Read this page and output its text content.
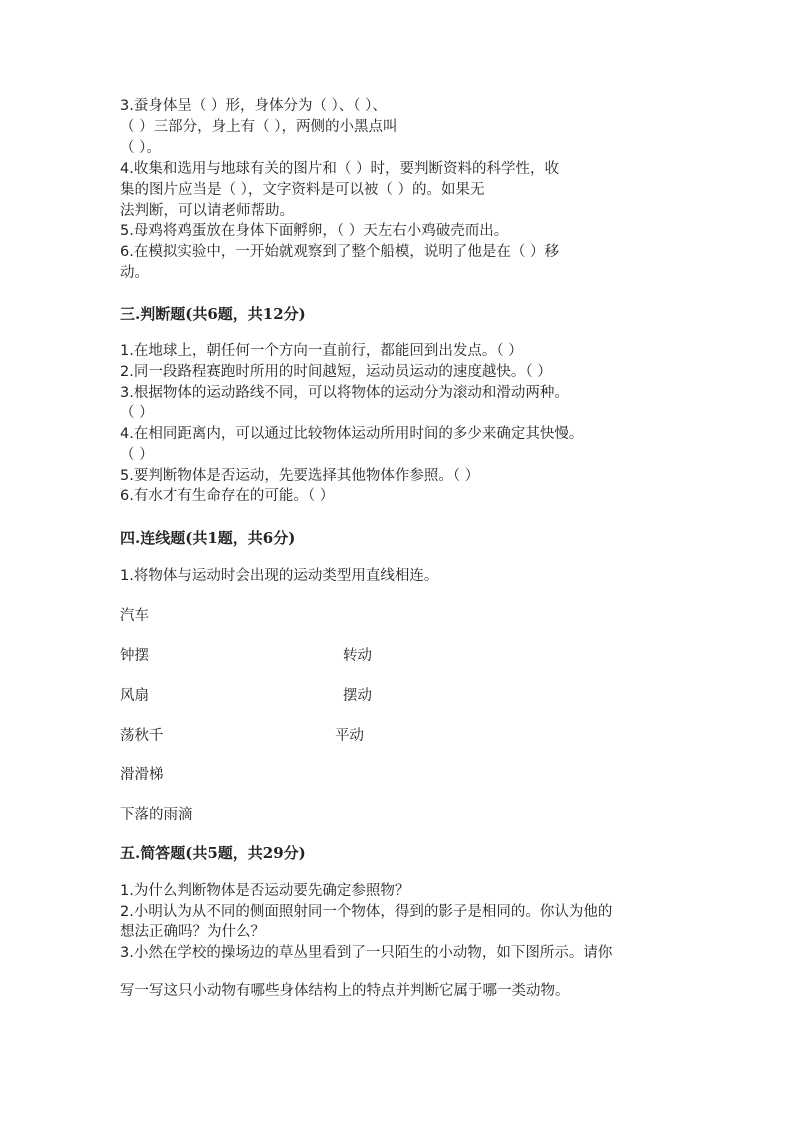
3.蚕身体呈（ ）形，身体分为（ ）、（ ）、
（ ）三部分，身上有（ ），两侧的小黑点叫
（ ）。
4.收集和选用与地球有关的图片和（ ）时，要判断资料的科学性，收
集的图片应当是（ ），文字资料是可以被（ ）的。如果无
法判断，可以请老师帮助。
5.母鸡将鸡蛋放在身体下面孵卵，（ ）天左右小鸡破壳而出。
6.在模拟实验中，一开始就观察到了整个船模，说明了他是在（ ）移
动。
三.判断题(共6题，共12分)
1.在地球上，朝任何一个方向一直前行，都能回到出发点。（ ）
2.同一段路程赛跑时所用的时间越短，运动员运动的速度越快。（ ）
3.根据物体的运动路线不同，可以将物体的运动分为滚动和滑动两种。
（ ）
4.在相同距离内，可以通过比较物体运动所用时间的多少来确定其快慢。
（ ）
5.要判断物体是否运动，先要选择其他物体作参照。（ ）
6.有水才有生命存在的可能。（ ）
四.连线题(共1题，共6分)
1.将物体与运动时会出现的运动类型用直线相连。
汽车
钟摆
风扇
荡秋千
滑滑梯
下落的雨滴
转动
摆动
平动
五.简答题(共5题，共29分)
1.为什么判断物体是否运动要先确定参照物？
2.小明认为从不同的侧面照射同一个物体，得到的影子是相同的。你认为他的
想法正确吗？为什么？
3.小然在学校的操场边的草丛里看到了一只陌生的小动物，如下图所示。请你
写一写这只小动物有哪些身体结构上的特点并判断它属于哪一类动物。
